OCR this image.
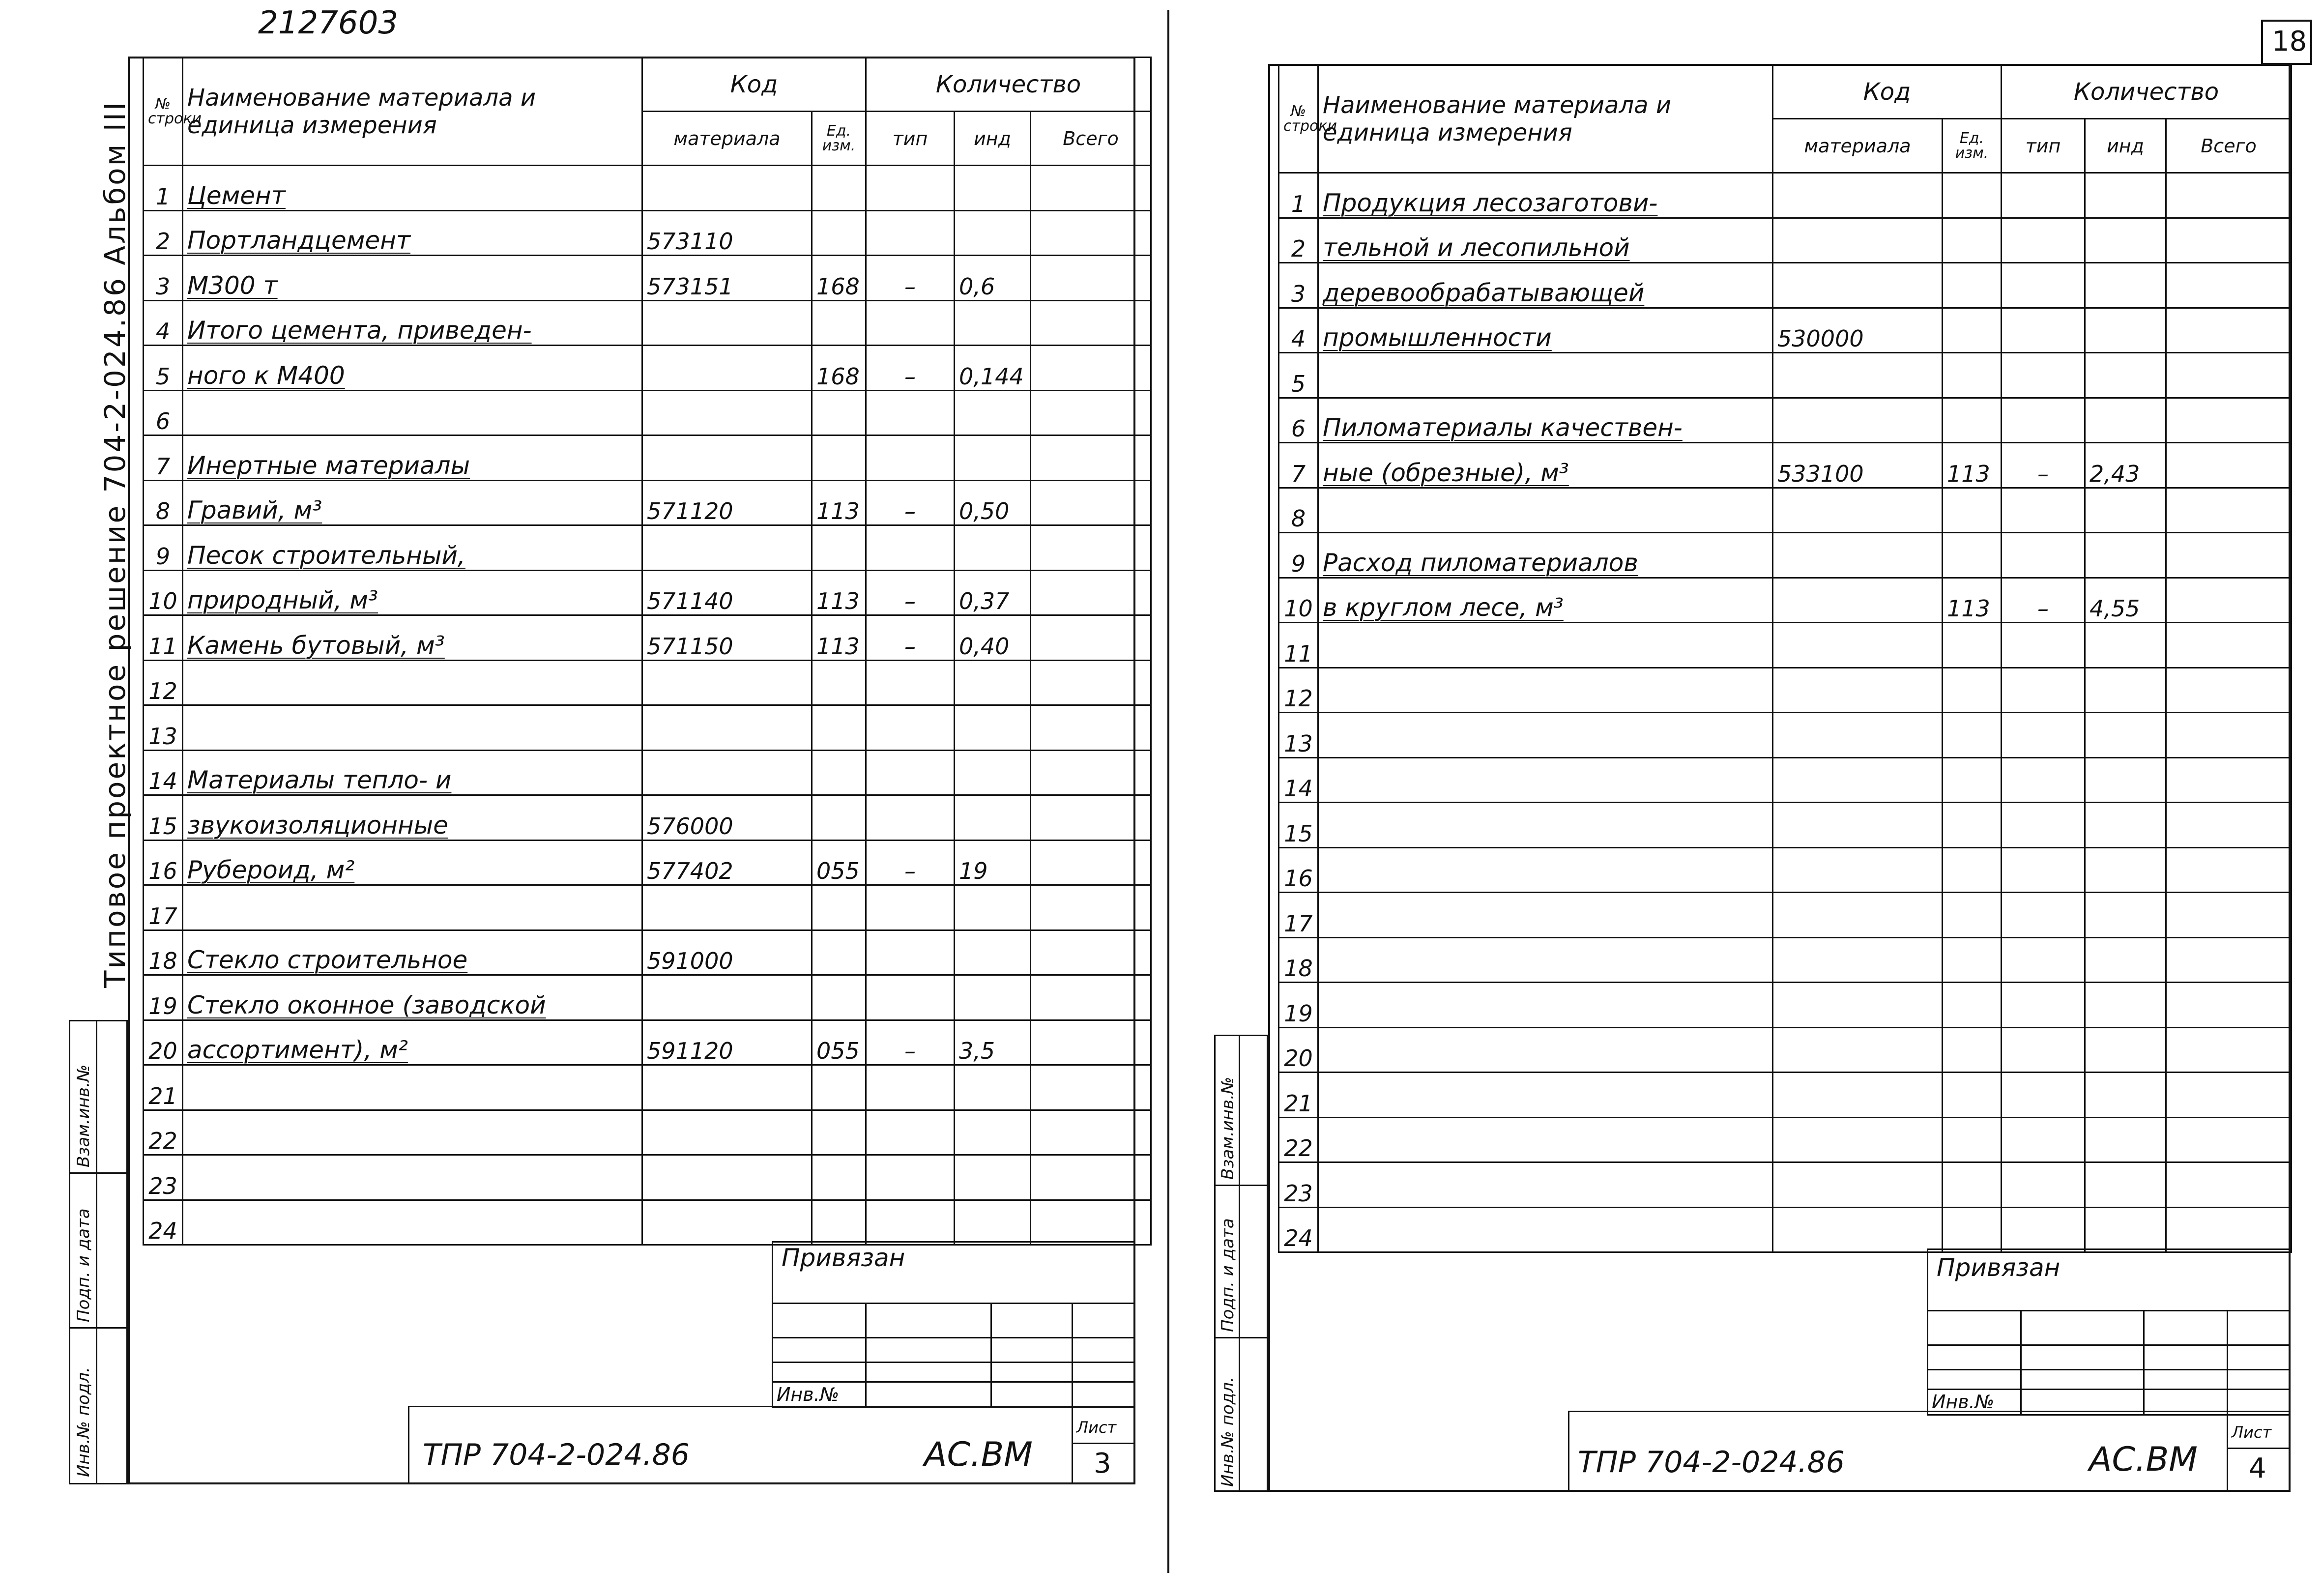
2127603
Типовое проектное решение 704-2-024.86 Альбом III
Инв.№ подл.
Подп. и дата
Взам.инв.№
№ строки	Наименование материала и единица измерения	Код		Количество		
		материала	Ед. изм.	тип	инд	Всего
1	Цемент					
2	Портландцемент	573110				
3	М300 т	573151	168	–	0,6	
4	Итого цемента, приведен-					
5	ного к М400		168	–	0,144	
6						
7	Инертные материалы					
8	Гравий, м³	571120	113	–	0,50	
9	Песок строительный,					
10	природный, м³	571140	113	–	0,37	
11	Камень бутовый, м³	571150	113	–	0,40	
12						
13						
14	Материалы тепло- и					
15	звукоизоляционные	576000				
16	Рубероид, м²	577402	055	–	19	
17						
18	Стекло строительное	591000				
19	Стекло оконное (заводской					
20	ассортимент), м²	591120	055	–	3,5	
21						
22						
23						
24						
Привязан
Инв.№
ТПР 704-2-024.86	АС.ВМ
Лист
3
18
Инв.№ подл.
Подп. и дата
Взам.инв.№
№ строки	Наименование материала и единица измерения	Код		Количество		
		материала	Ед. изм.	тип	инд	Всего
1	Продукция лесозаготови-					
2	тельной и лесопильной					
3	деревообрабатывающей					
4	промышленности	530000				
5						
6	Пиломатериалы качествен-					
7	ные (обрезные), м³	533100	113	–	2,43	
8						
9	Расход пиломатериалов					
10	в круглом лесе, м³		113	–	4,55	
11						
12						
13						
14						
15						
16						
17						
18						
19						
20						
21						
22						
23						
24						
Привязан
Инв.№
ТПР 704-2-024.86	АС.ВМ
Лист
4
